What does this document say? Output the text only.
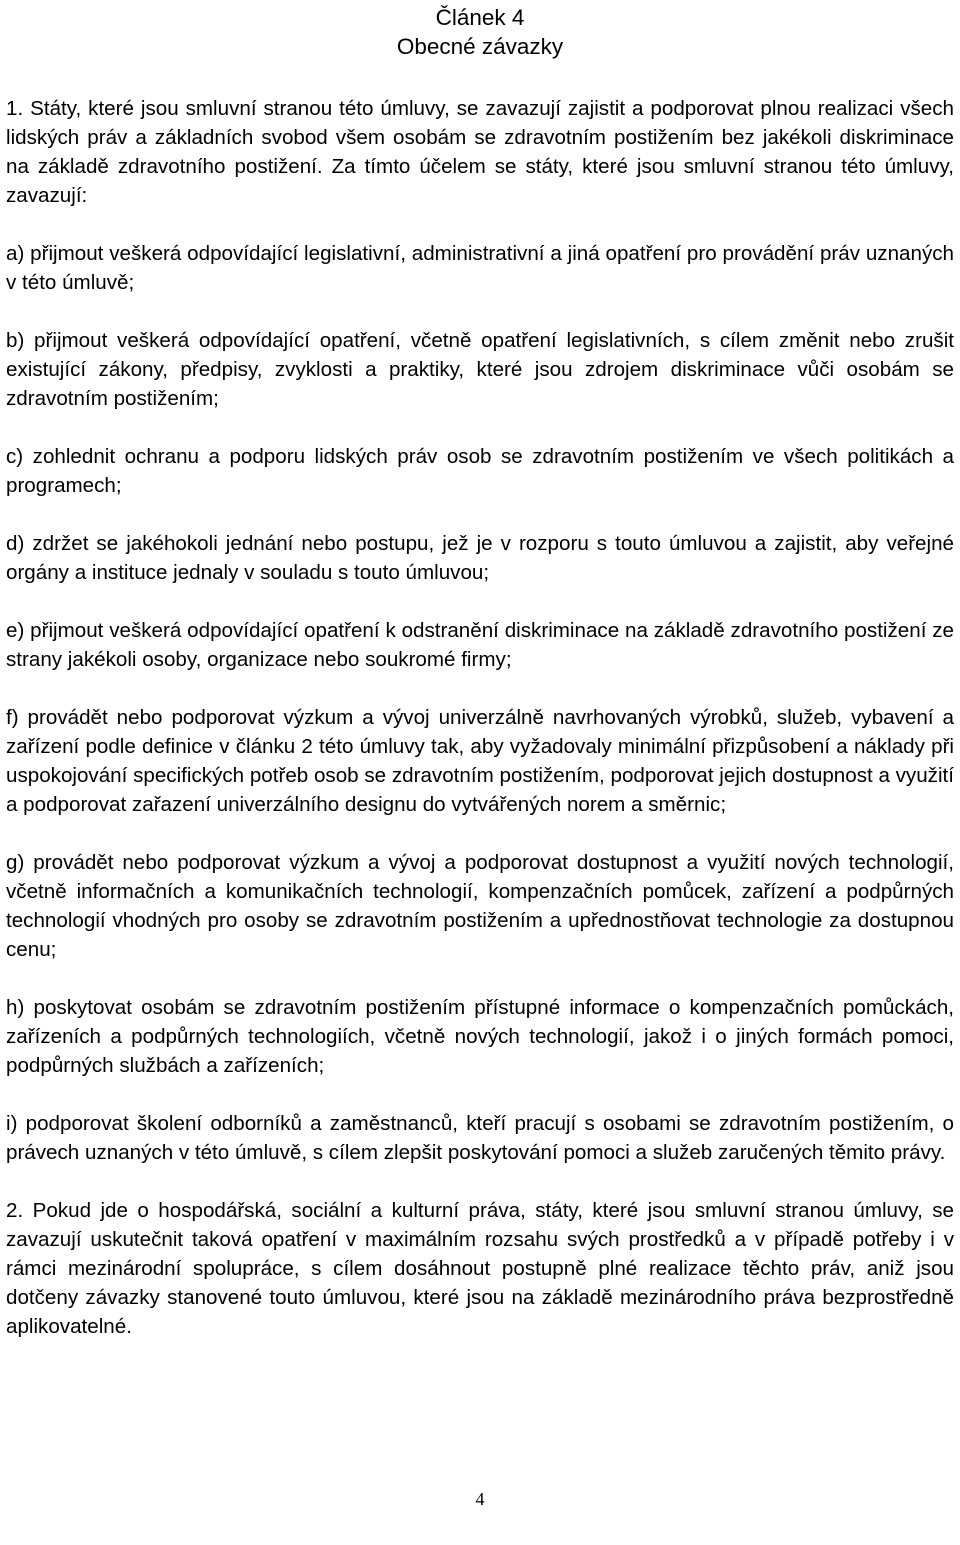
Článek 4
Obecné závazky

1. Státy, které jsou smluvní stranou této úmluvy, se zavazují zajistit a podporovat plnou realizaci všech lidských práv a základních svobod všem osobám se zdravotním postižením bez jakékoli diskriminace na základě zdravotního postižení. Za tímto účelem se státy, které jsou smluvní stranou této úmluvy, zavazují:

a) přijmout veškerá odpovídající legislativní, administrativní a jiná opatření pro provádění práv uznaných v této úmluvě;

b) přijmout veškerá odpovídající opatření, včetně opatření legislativních, s cílem změnit nebo zrušit existující zákony, předpisy, zvyklosti a praktiky, které jsou zdrojem diskriminace vůči osobám se zdravotním postižením;

c) zohlednit ochranu a podporu lidských práv osob se zdravotním postižením ve všech politikách a programech;

d) zdržet se jakéhokoli jednání nebo postupu, jež je v rozporu s touto úmluvou a zajistit, aby veřejné orgány a instituce jednaly v souladu s touto úmluvou;

e) přijmout veškerá odpovídající opatření k odstranění diskriminace na základě zdravotního postižení ze strany jakékoli osoby, organizace nebo soukromé firmy;

f) provádět nebo podporovat výzkum a vývoj univerzálně navrhovaných výrobků, služeb, vybavení a zařízení podle definice v článku 2 této úmluvy tak, aby vyžadovaly minimální přizpůsobení a náklady při uspokojování specifických potřeb osob se zdravotním postižením, podporovat jejich dostupnost a využití a podporovat zařazení univerzálního designu do vytvářených norem a směrnic;

g) provádět nebo podporovat výzkum a vývoj a podporovat dostupnost a využití nových technologií, včetně informačních a komunikačních technologií, kompenzačních pomůcek, zařízení a podpůrných technologií vhodných pro osoby se zdravotním postižením a upřednostňovat technologie za dostupnou cenu;

h) poskytovat osobám se zdravotním postižením přístupné informace o kompenzačních pomůckách, zařízeních a podpůrných technologiích, včetně nových technologií, jakož i o jiných formách pomoci, podpůrných službách a zařízeních;

i) podporovat školení odborníků a zaměstnanců, kteří pracují s osobami se zdravotním postižením, o právech uznaných v této úmluvě, s cílem zlepšit poskytování pomoci a služeb zaručených těmito právy.

2. Pokud jde o hospodářská, sociální a kulturní práva, státy, které jsou smluvní stranou úmluvy, se zavazují uskutečnit taková opatření v maximálním rozsahu svých prostředků a v případě potřeby i v rámci mezinárodní spolupráce, s cílem dosáhnout postupně plné realizace těchto práv, aniž jsou dotčeny závazky stanovené touto úmluvou, které jsou na základě mezinárodního práva bezprostředně aplikovatelné.

4
